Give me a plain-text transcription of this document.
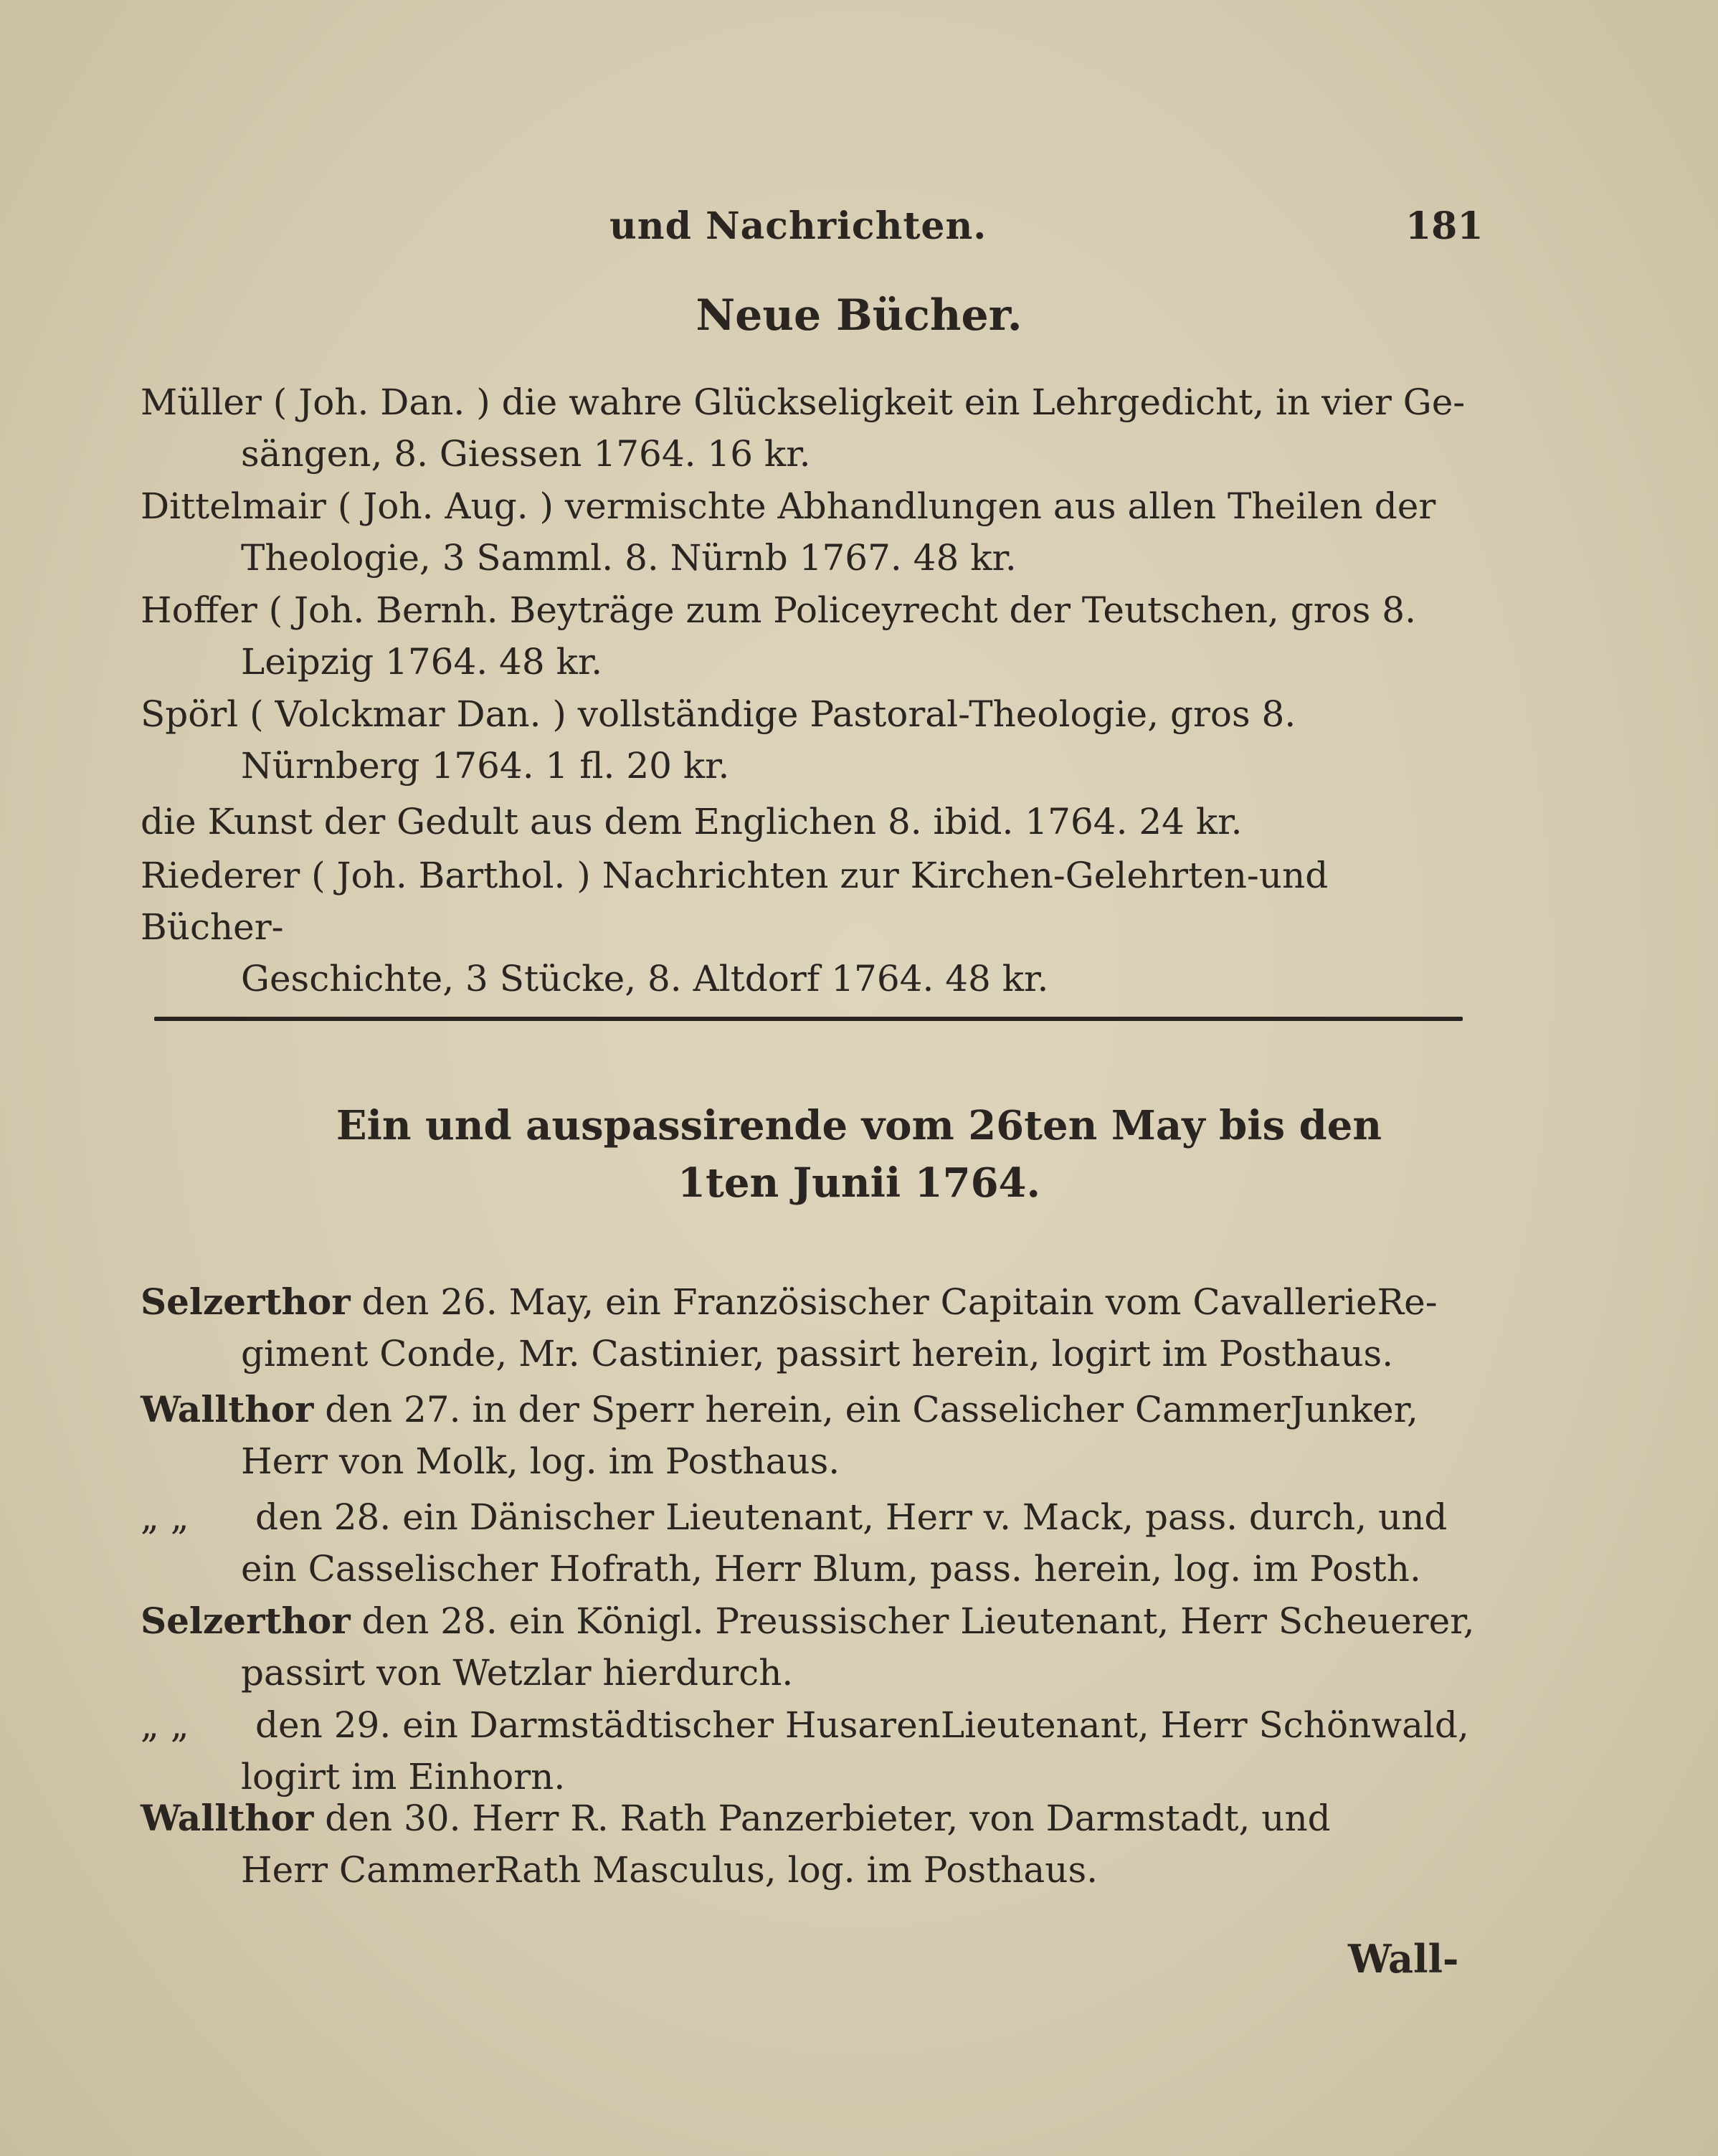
und Nachrichten.	181
Neue Bücher.
Müller ( Joh. Dan. ) die wahre Glückseligkeit ein Lehrgedicht, in vier Ge-
sängen, 8. Giessen 1764. 16 kr.
Dittelmair ( Joh. Aug. ) vermischte Abhandlungen aus allen Theilen der
Theologie, 3 Samml. 8. Nürnb 1767. 48 kr.
Hoffer ( Joh. Bernh. Beyträge zum Policeyrecht der Teutschen, gros 8.
Leipzig 1764. 48 kr.
Spörl ( Volckmar Dan. ) vollständige Pastoral-Theologie, gros 8.
Nürnberg 1764. 1 fl. 20 kr.
die Kunst der Gedult aus dem Englichen 8. ibid. 1764. 24 kr.
Riederer ( Joh. Barthol. ) Nachrichten zur Kirchen-Gelehrten-und Bücher-
Geschichte, 3 Stücke, 8. Altdorf 1764. 48 kr.
Ein und auspassirende vom 26ten May bis den
1ten Junii 1764.
Selzerthor den 26. May, ein Französischer Capitain vom CavallerieRe-
giment Conde, Mr. Castinier, passirt herein, logirt im Posthaus.
Wallthor den 27. in der Sperr herein, ein Casselicher CammerJunker,
Herr von Molk, log. im Posthaus.
„ „ den 28. ein Dänischer Lieutenant, Herr v. Mack, pass. durch, und
ein Casselischer Hofrath, Herr Blum, pass. herein, log. im Posth.
Selzerthor den 28. ein Königl. Preussischer Lieutenant, Herr Scheuerer,
passirt von Wetzlar hierdurch.
„ „ den 29. ein Darmstädtischer HusarenLieutenant, Herr Schönwald,
logirt im Einhorn.
Wallthor den 30. Herr R. Rath Panzerbieter, von Darmstadt, und
Herr CammerRath Masculus, log. im Posthaus.
Wall-
